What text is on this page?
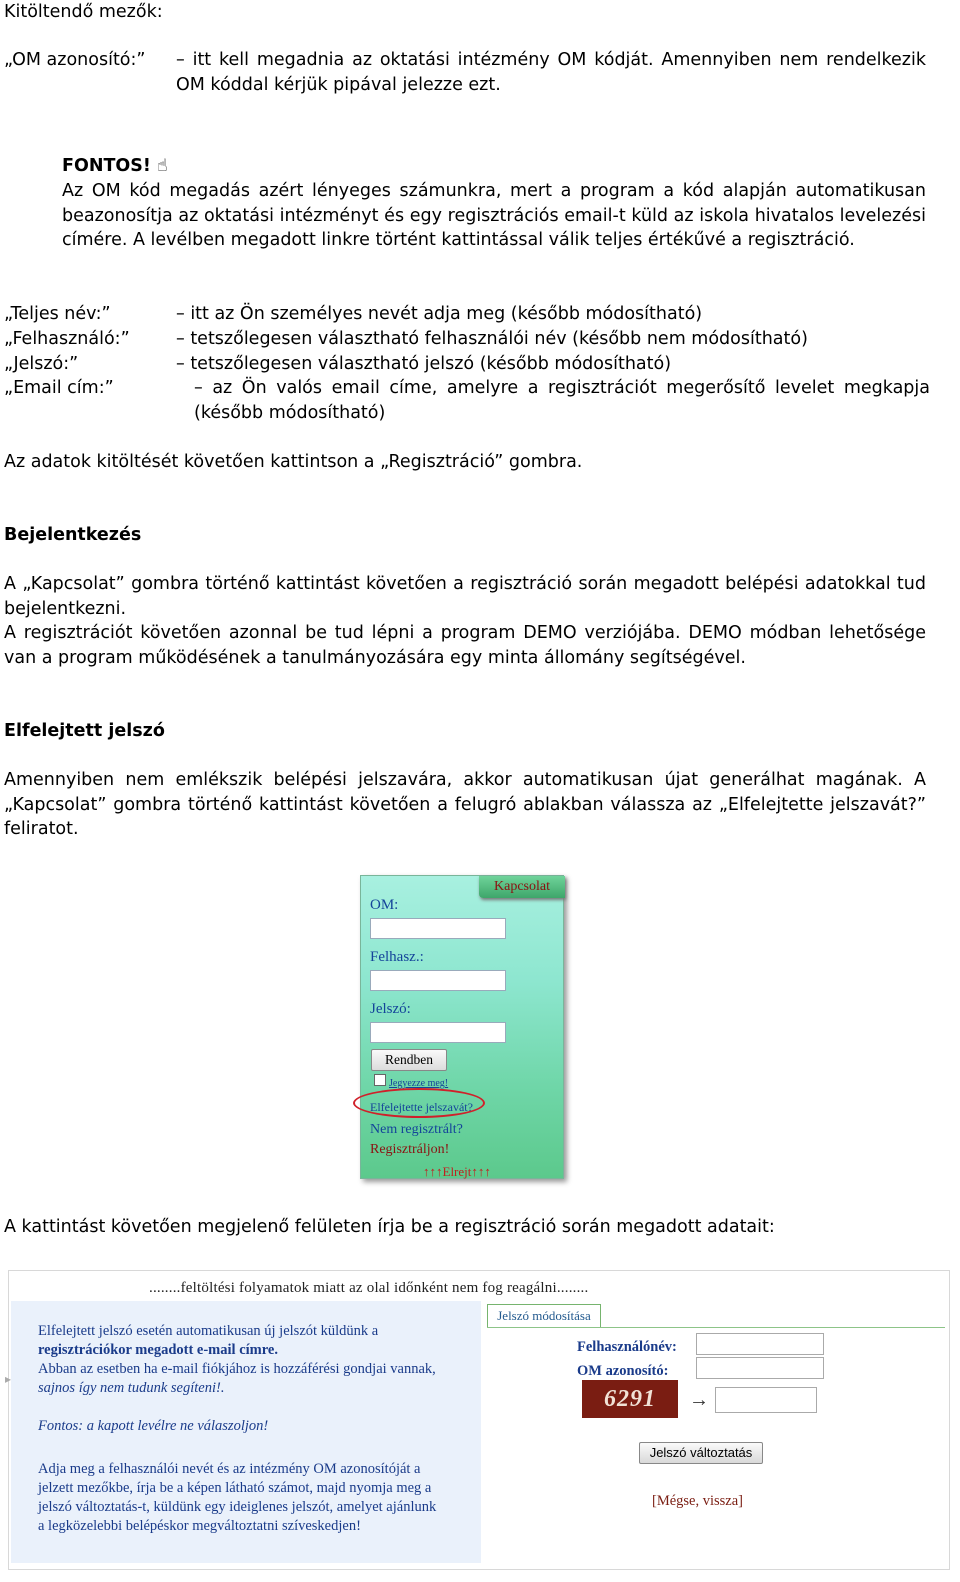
Kitöltendő mezők:
„OM azonosító:” – itt kell megadnia az oktatási intézmény OM kódját. Amennyiben nem rendelkezik OM kóddal kérjük pipával jelezze ezt.
FONTOS! ☝
Az OM kód megadás azért lényeges számunkra, mert a program a kód alapján automatikusan beazonosítja az oktatási intézményt és egy regisztrációs email-t küld az iskola hivatalos levelezési címére. A levélben megadott linkre történt kattintással válik teljes értékűvé a regisztráció.
„Teljes név:”	– itt az Ön személyes nevét adja meg (később módosítható)
„Felhasználó:”	– tetszőlegesen választható felhasználói név (később nem módosítható)
„Jelszó:”	– tetszőlegesen választható jelszó (később módosítható)
„Email cím:”	– az Ön valós email címe, amelyre a regisztrációt megerősítő levelet megkapja (később módosítható)
Az adatok kitöltését követően kattintson a „Regisztráció” gombra.
Bejelentkezés
A „Kapcsolat” gombra történő kattintást követően a regisztráció során megadott belépési adatokkal tud bejelentkezni.
A regisztrációt követően azonnal be tud lépni a program DEMO verziójába. DEMO módban lehetősége van a program működésének a tanulmányozására egy minta állomány segítségével.
Elfelejtett jelszó
Amennyiben nem emlékszik belépési jelszavára, akkor automatikusan újat generálhat magának. A „Kapcsolat” gombra történő kattintást követően a felugró ablakban válassza az „Elfelejtette jelszavát?” feliratot.
Kapcsolat
OM:
Felhasz.:
Jelszó:
Rendben
Jegyezze meg!
Elfelejtette jelszavát?
Nem regisztrált?
Regisztráljon!
↑↑↑Elrejt↑↑↑
A kattintást követően megjelenő felületen írja be a regisztráció során megadott adatait:
........feltöltési folyamatok miatt az olal időnként nem fog reagálni........
Elfelejtett jelszó esetén automatikusan új jelszót küldünk a
regisztrációkor megadott e-mail címre.
Abban az esetben ha e-mail fiókjához is hozzáférési gondjai vannak,
sajnos így nem tudunk segíteni!.
Fontos: a kapott levélre ne válaszoljon!
Adja meg a felhasználói nevét és az intézmény OM azonosítóját a
jelzett mezőkbe, írja be a képen látható számot, majd nyomja meg a
jelszó változtatás-t, küldünk egy ideiglenes jelszót, amelyet ajánlunk
a legközelebbi belépéskor megváltoztatni szíveskedjen!
▸
Jelszó módosítása
Felhasználónév:
OM azonosító:
6291	→
Jelszó változtatás
[Mégse, vissza]
